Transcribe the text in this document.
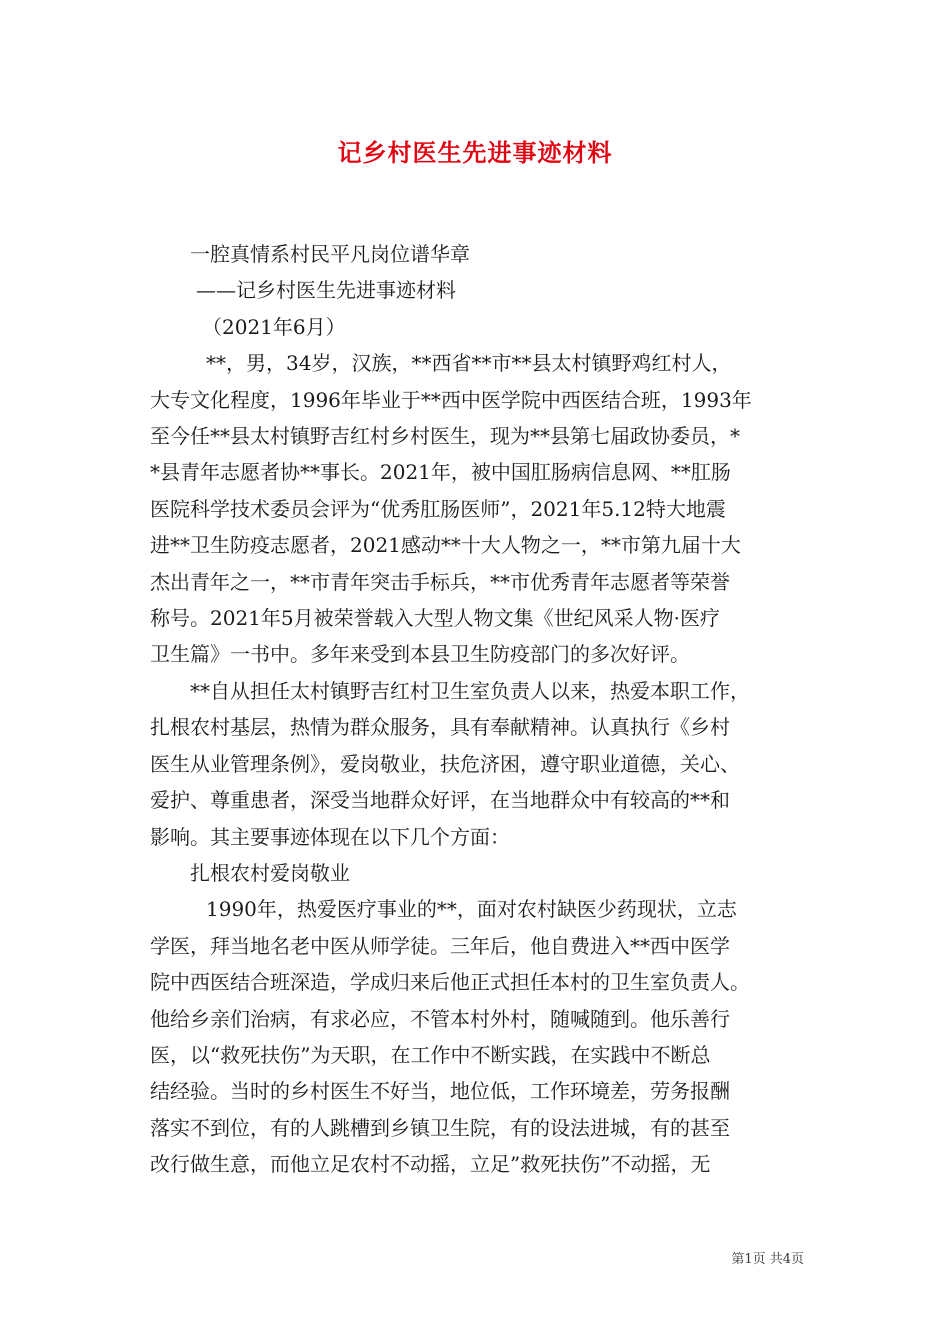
记乡村医生先进事迹材料

一腔真情系村民平凡岗位谱华章

——记乡村医生先进事迹材料

（2021年6月）

**，男，34岁，汉族，**西省**市**县太村镇野鸡红村人，

大专文化程度，1996年毕业于**西中医学院中西医结合班，1993年

至今任**县太村镇野吉红村乡村医生，现为**县第七届政协委员，*

*县青年志愿者协**事长。2021年，被中国肛肠病信息网、**肛肠

医院科学技术委员会评为“优秀肛肠医师”，2021年5.12特大地震

进**卫生防疫志愿者，2021感动**十大人物之一，**市第九届十大

杰出青年之一，**市青年突击手标兵，**市优秀青年志愿者等荣誉

称号。2021年5月被荣誉载入大型人物文集《世纪风采人物·医疗

卫生篇》一书中。多年来受到本县卫生防疫部门的多次好评。

**自从担任太村镇野吉红村卫生室负责人以来，热爱本职工作，

扎根农村基层，热情为群众服务，具有奉献精神。认真执行《乡村

医生从业管理条例》，爱岗敬业，扶危济困，遵守职业道德，关心、

爱护、尊重患者，深受当地群众好评，在当地群众中有较高的**和

影响。其主要事迹体现在以下几个方面：

扎根农村爱岗敬业

1990年，热爱医疗事业的**，面对农村缺医少药现状，立志

学医，拜当地名老中医从师学徒。三年后，他自费进入**西中医学

院中西医结合班深造，学成归来后他正式担任本村的卫生室负责人。

他给乡亲们治病，有求必应，不管本村外村，随喊随到。他乐善行

医，以“救死扶伤”为天职，在工作中不断实践，在实践中不断总

结经验。当时的乡村医生不好当，地位低，工作环境差，劳务报酬

落实不到位，有的人跳槽到乡镇卫生院，有的设法进城，有的甚至

改行做生意，而他立足农村不动摇，立足”救死扶伤”不动摇，无

第1页 共4页
